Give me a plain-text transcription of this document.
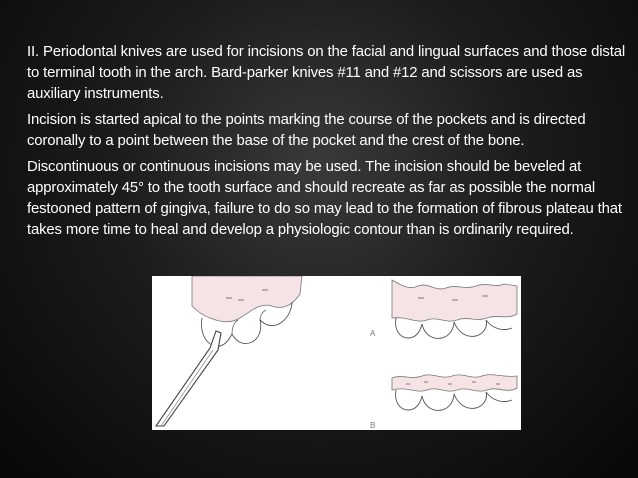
II. Periodontal knives are used for incisions on the facial and lingual surfaces and those distal to terminal tooth in the arch. Bard-parker knives #11 and #12 and scissors are used as auxiliary instruments.

Incision is started apical to the points marking the course of the pockets and is directed coronally to a point between the base of the pocket and the crest of the bone.

Discontinuous or continuous incisions may be used. The incision should be beveled at approximately 45° to the tooth surface and should recreate as far as possible the normal festooned pattern of gingiva, failure to do so may lead to the formation of fibrous plateau that takes more time to heal and develop a physiologic contour than is ordinarily required.

A
B
